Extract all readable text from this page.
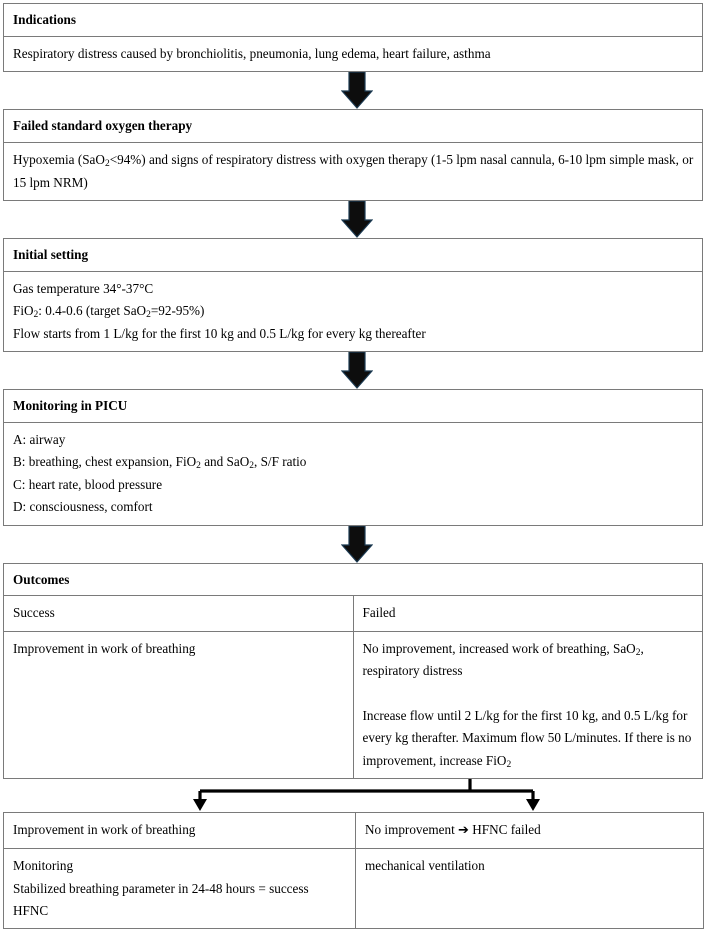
Indications
Respiratory distress caused by bronchiolitis, pneumonia, lung edema, heart failure, asthma
Failed standard oxygen therapy
Hypoxemia (SaO$_2$<94%) and signs of respiratory distress with oxygen therapy (1-5 lpm nasal cannula, 6-10 lpm simple mask, or 15 lpm NRM)
Initial setting
Gas temperature 34°-37°C
FiO$_2$: 0.4-0.6 (target SaO$_2$=92-95%)
Flow starts from 1 L/kg for the first 10 kg and 0.5 L/kg for every kg thereafter
Monitoring in PICU
A: airway
B: breathing, chest expansion, FiO$_2$ and SaO$_2$, S/F ratio
C: heart rate, blood pressure
D: consciousness, comfort
Outcomes	
Success	Failed
Improvement in work of breathing	No improvement, increased work of breathing, SaO$_2$,
respiratory distress
Increase flow until 2 L/kg for the first 10 kg, and 0.5 L/kg for every kg therafter. Maximum flow 50 L/minutes. If there is no improvement, increase FiO$_2$
Improvement in work of breathing	No improvement ➔ HFNC failed

Monitoring
Stabilized breathing parameter in 24-48 hours = success
HFNC	mechanical ventilation
